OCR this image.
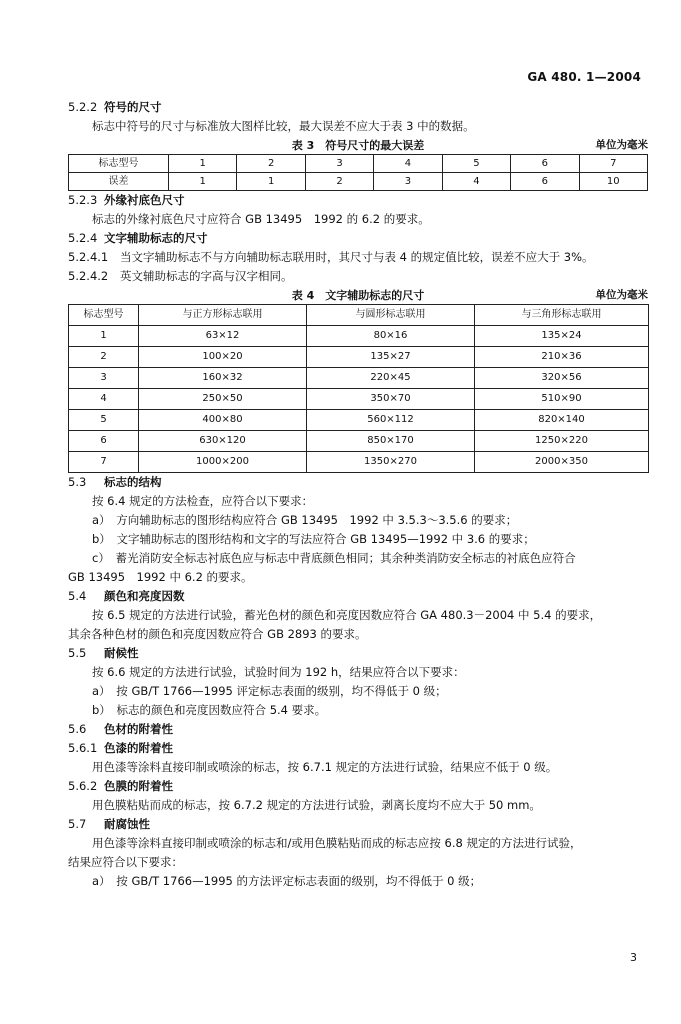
GA 480. 1—2004
5.2.2 符号的尺寸
标志中符号的尺寸与标准放大图样比较，最大误差不应大于表 3 中的数据。
表 3　符号尺寸的最大误差	单位为毫米
标志型号	1	2	3	4	5	6	7
误差	1	1	2	3	4	6	10
5.2.3 外缘衬底色尺寸
标志的外缘衬底色尺寸应符合 GB 13495　1992 的 6.2 的要求。
5.2.4 文字辅助标志的尺寸
5.2.4.1	当文字辅助标志不与方向辅助标志联用时，其尺寸与表 4 的规定值比较，误差不应大于 3%。
5.2.4.2	英文辅助标志的字高与汉字相同。
表 4　文字辅助标志的尺寸	单位为毫米
标志型号	与正方形标志联用	与圆形标志联用	与三角形标志联用
1	63×12	80×16	135×24
2	100×20	135×27	210×36
3	160×32	220×45	320×56
4	250×50	350×70	510×90
5	400×80	560×112	820×140
6	630×120	850×170	1250×220
7	1000×200	1350×270	2000×350
5.3	标志的结构
按 6.4 规定的方法检查，应符合以下要求：
a）　方向辅助标志的图形结构应符合 GB 13495　1992 中 3.5.3～3.5.6 的要求；
b）　文字辅助标志的图形结构和文字的写法应符合 GB 13495—1992 中 3.6 的要求；
c）　蓄光消防安全标志衬底色应与标志中背底颜色相同；其余种类消防安全标志的衬底色应符合
GB 13495　1992 中 6.2 的要求。
5.4	颜色和亮度因数
按 6.5 规定的方法进行试验，蓄光色材的颜色和亮度因数应符合 GA 480.3－2004 中 5.4 的要求，
其余各种色材的颜色和亮度因数应符合 GB 2893 的要求。
5.5	耐候性
按 6.6 规定的方法进行试验，试验时间为 192 h，结果应符合以下要求：
a）　按 GB/T 1766—1995 评定标志表面的级别，均不得低于 0 级；
b）　标志的颜色和亮度因数应符合 5.4 要求。
5.6	色材的附着性
5.6.1 色漆的附着性
用色漆等涂料直接印制或喷涂的标志，按 6.7.1 规定的方法进行试验，结果应不低于 0 级。
5.6.2 色膜的附着性
用色膜粘贴而成的标志，按 6.7.2 规定的方法进行试验，剥离长度均不应大于 50 mm。
5.7	耐腐蚀性
用色漆等涂料直接印制或喷涂的标志和/或用色膜粘贴而成的标志应按 6.8 规定的方法进行试验，
结果应符合以下要求：
a）　按 GB/T 1766—1995 的方法评定标志表面的级别，均不得低于 0 级；
3
